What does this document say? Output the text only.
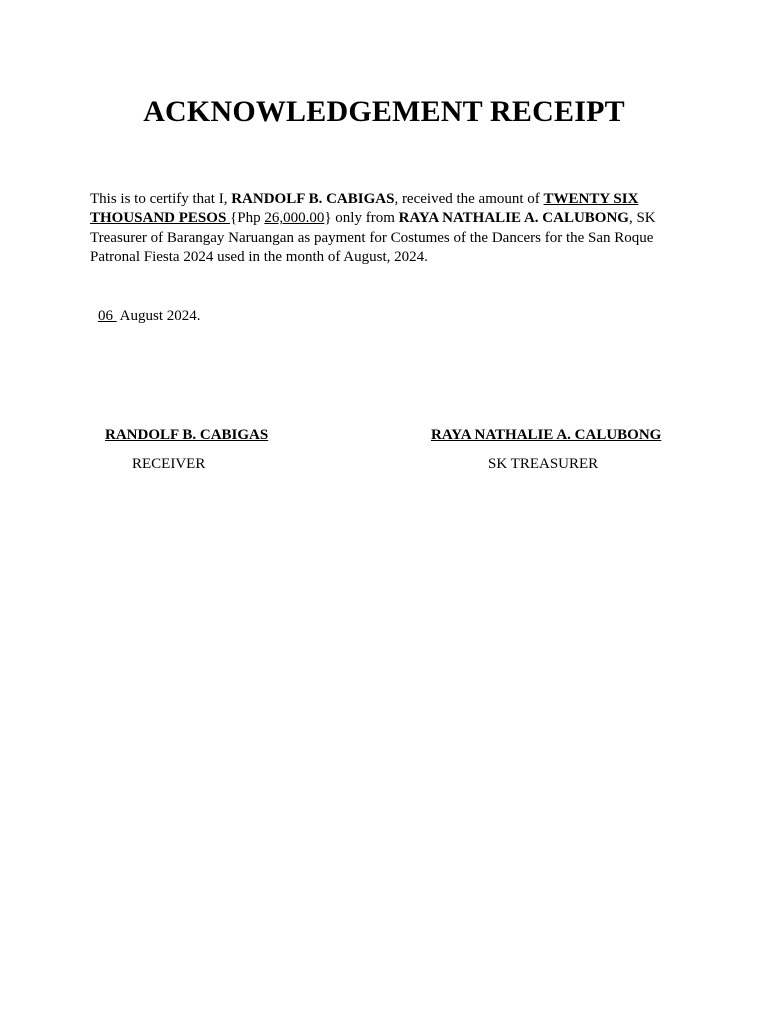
ACKNOWLEDGEMENT RECEIPT
This is to certify that I, RANDOLF B. CABIGAS, received the amount of TWENTY SIX THOUSAND PESOS {Php 26,000.00} only from RAYA NATHALIE A. CALUBONG, SK Treasurer of Barangay Naruangan as payment for Costumes of the Dancers for the San Roque Patronal Fiesta 2024 used in the month of August, 2024.
06  August 2024.
RANDOLF B. CABIGAS
RECEIVER
RAYA NATHALIE A. CALUBONG
SK TREASURER
